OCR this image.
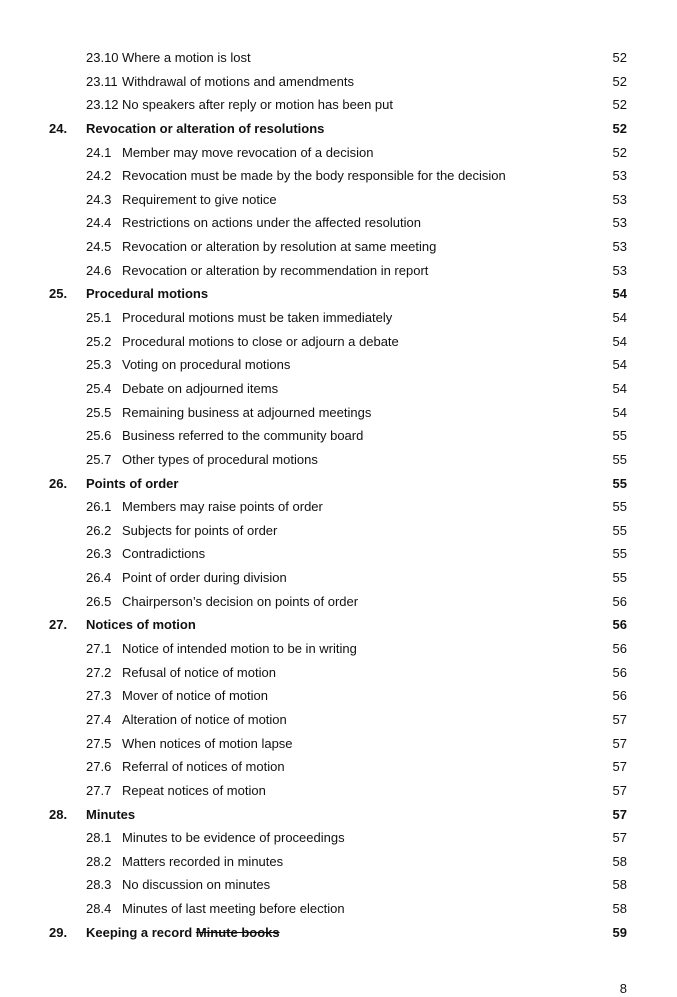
23.10 Where a motion is lost	52
23.11 Withdrawal of motions and amendments	52
23.12 No speakers after reply or motion has been put	52
24. Revocation or alteration of resolutions	52
24.1 Member may move revocation of a decision	52
24.2 Revocation must be made by the body responsible for the decision	53
24.3 Requirement to give notice	53
24.4 Restrictions on actions under the affected resolution	53
24.5 Revocation or alteration by resolution at same meeting	53
24.6 Revocation or alteration by recommendation in report	53
25. Procedural motions	54
25.1 Procedural motions must be taken immediately	54
25.2 Procedural motions to close or adjourn a debate	54
25.3 Voting on procedural motions	54
25.4 Debate on adjourned items	54
25.5 Remaining business at adjourned meetings	54
25.6 Business referred to the community board	55
25.7 Other types of procedural motions	55
26. Points of order	55
26.1 Members may raise points of order	55
26.2 Subjects for points of order	55
26.3 Contradictions	55
26.4 Point of order during division	55
26.5 Chairperson’s decision on points of order	56
27. Notices of motion	56
27.1 Notice of intended motion to be in writing	56
27.2 Refusal of notice of motion	56
27.3 Mover of notice of motion	56
27.4 Alteration of notice of motion	57
27.5 When notices of motion lapse	57
27.6 Referral of notices of motion	57
27.7 Repeat notices of motion	57
28. Minutes	57
28.1 Minutes to be evidence of proceedings	57
28.2 Matters recorded in minutes	58
28.3 No discussion on minutes	58
28.4 Minutes of last meeting before election	58
29. Keeping a record Minute books	59
8
